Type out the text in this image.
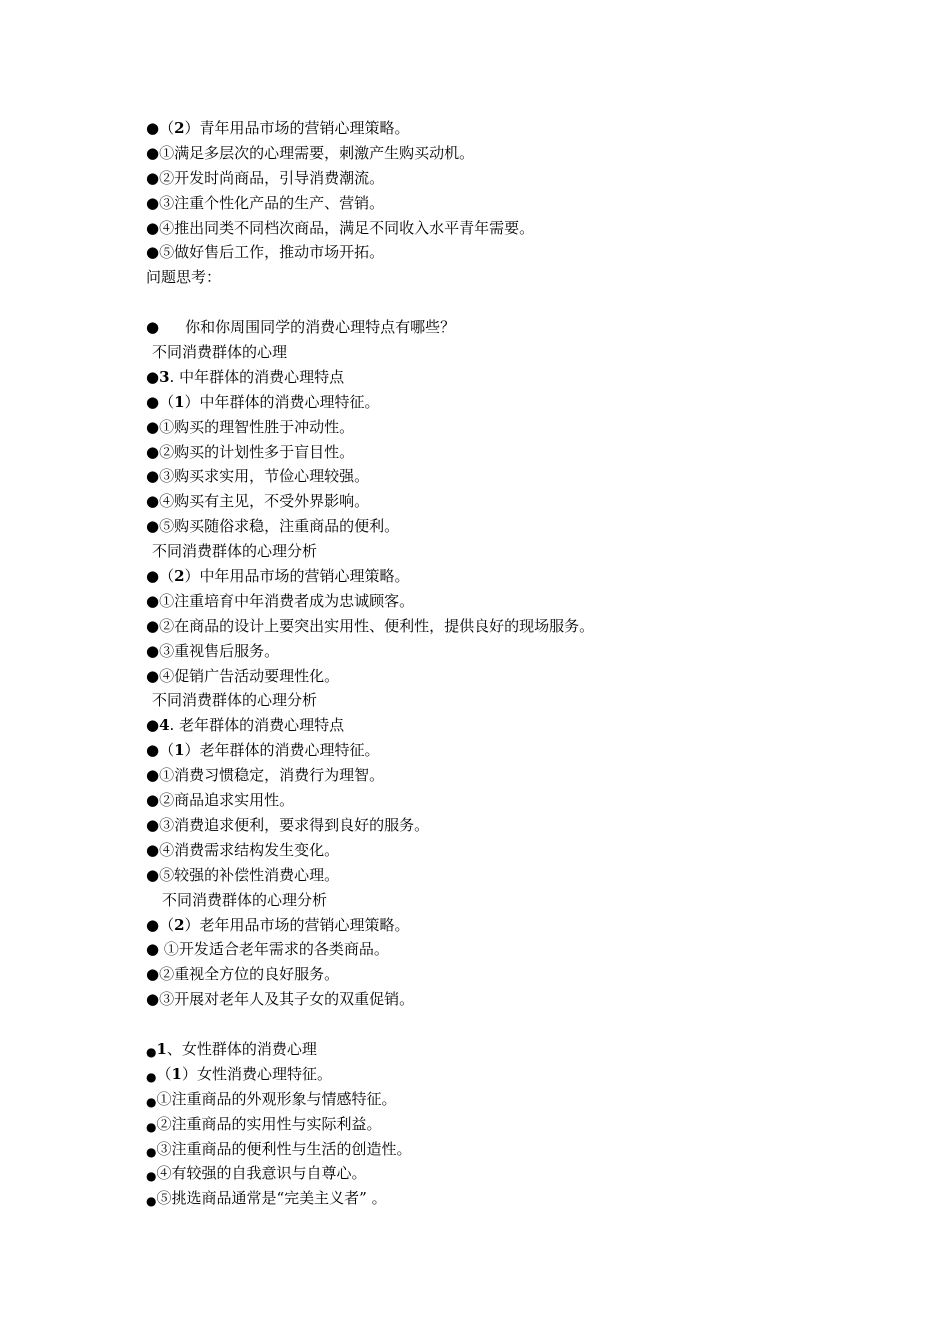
●（2）青年用品市场的营销心理策略。
●①满足多层次的心理需要，刺激产生购买动机。
●②开发时尚商品，引导消费潮流。
●③注重个性化产品的生产、营销。
●④推出同类不同档次商品，满足不同收入水平青年需要。
●⑤做好售后工作，推动市场开拓。
问题思考：
● 你和你周围同学的消费心理特点有哪些？
不同消费群体的心理
●3. 中年群体的消费心理特点
●（1）中年群体的消费心理特征。
●①购买的理智性胜于冲动性。
●②购买的计划性多于盲目性。
●③购买求实用，节俭心理较强。
●④购买有主见，不受外界影响。
●⑤购买随俗求稳，注重商品的便利。
不同消费群体的心理分析
●（2）中年用品市场的营销心理策略。
●①注重培育中年消费者成为忠诚顾客。
●②在商品的设计上要突出实用性、便利性，提供良好的现场服务。
●③重视售后服务。
●④促销广告活动要理性化。
不同消费群体的心理分析
●4. 老年群体的消费心理特点
●（1）老年群体的消费心理特征。
●①消费习惯稳定，消费行为理智。
●②商品追求实用性。
●③消费追求便利，要求得到良好的服务。
●④消费需求结构发生变化。
●⑤较强的补偿性消费心理。
不同消费群体的心理分析
●（2）老年用品市场的营销心理策略。
● ①开发适合老年需求的各类商品。
●②重视全方位的良好服务。
●③开展对老年人及其子女的双重促销。
●1、女性群体的消费心理
●（1）女性消费心理特征。
●①注重商品的外观形象与情感特征。
●②注重商品的实用性与实际利益。
●③注重商品的便利性与生活的创造性。
●④有较强的自我意识与自尊心。
●⑤挑选商品通常是“完美主义者” 。
